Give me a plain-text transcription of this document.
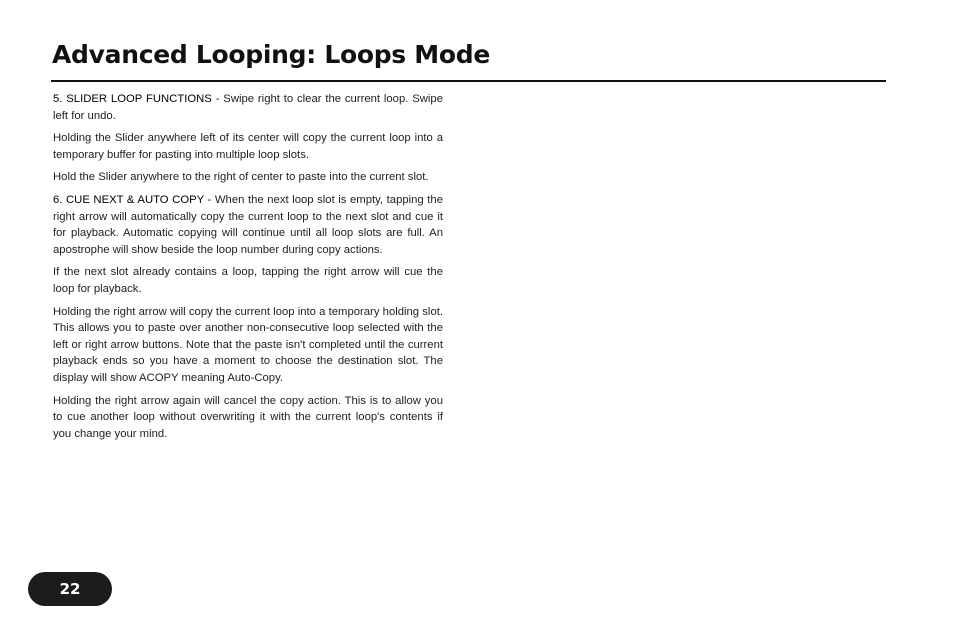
Advanced Looping: Loops Mode

5. SLIDER LOOP FUNCTIONS - Swipe right to clear the current loop. Swipe left for undo.

Holding the Slider anywhere left of its center will copy the current loop into a temporary buffer for pasting into multiple loop slots.

Hold the Slider anywhere to the right of center to paste into the current slot.

6. CUE NEXT & AUTO COPY - When the next loop slot is empty, tapping the right arrow will automatically copy the current loop to the next slot and cue it for playback. Automatic copying will continue until all loop slots are full. An apostrophe will show beside the loop number during copy actions.

If the next slot already contains a loop, tapping the right arrow will cue the loop for playback.

Holding the right arrow will copy the current loop into a temporary holding slot. This allows you to paste over another non-consecutive loop selected with the left or right arrow buttons. Note that the paste isn't completed until the current playback ends so you have a moment to choose the destination slot. The display will show ACOPY meaning Auto-Copy.

Holding the right arrow again will cancel the copy action. This is to allow you to cue another loop without overwriting it with the current loop's contents if you change your mind.

22
